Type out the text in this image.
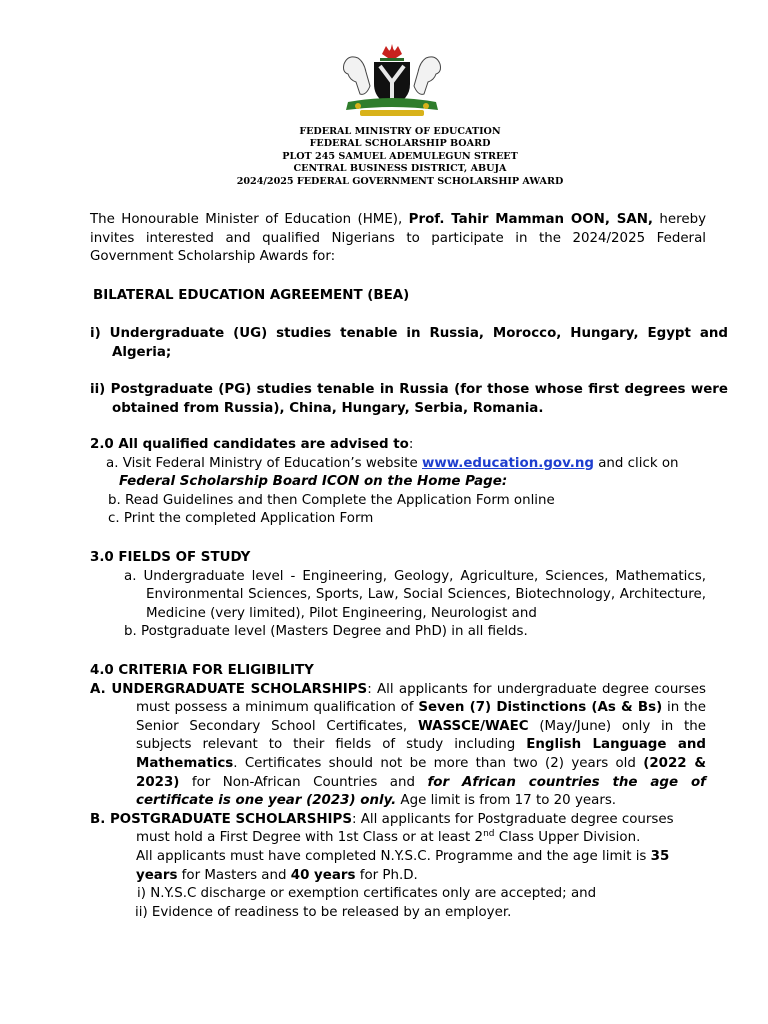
FEDERAL MINISTRY OF EDUCATION
FEDERAL SCHOLARSHIP BOARD
PLOT 245 SAMUEL ADEMULEGUN STREET
CENTRAL BUSINESS DISTRICT, ABUJA
2024/2025 FEDERAL GOVERNMENT SCHOLARSHIP AWARD
The Honourable Minister of Education (HME), Prof. Tahir Mamman OON, SAN, hereby invites interested and qualified Nigerians to participate in the 2024/2025 Federal Government Scholarship Awards for:
BILATERAL EDUCATION AGREEMENT (BEA)
i) Undergraduate (UG) studies tenable in Russia, Morocco, Hungary, Egypt and Algeria;
ii) Postgraduate (PG) studies tenable in Russia (for those whose first degrees were obtained from Russia), China, Hungary, Serbia, Romania.
2.0 All qualified candidates are advised to:
a. Visit Federal Ministry of Education’s website www.education.gov.ng and click on
Federal Scholarship Board ICON on the Home Page:
b. Read Guidelines and then Complete the Application Form online
c. Print the completed Application Form
3.0 FIELDS OF STUDY
a. Undergraduate level - Engineering, Geology, Agriculture, Sciences, Mathematics, Environmental Sciences, Sports, Law, Social Sciences, Biotechnology, Architecture, Medicine (very limited), Pilot Engineering, Neurologist and
b. Postgraduate level (Masters Degree and PhD) in all fields.
4.0 CRITERIA FOR ELIGIBILITY
A. UNDERGRADUATE SCHOLARSHIPS: All applicants for undergraduate degree courses must possess a minimum qualification of Seven (7) Distinctions (As & Bs) in the Senior Secondary School Certificates, WASSCE/WAEC (May/June) only in the subjects relevant to their fields of study including English Language and Mathematics. Certificates should not be more than two (2) years old (2022 & 2023) for Non-African Countries and for African countries the age of certificate is one year (2023) only. Age limit is from 17 to 20 years.
B. POSTGRADUATE SCHOLARSHIPS: All applicants for Postgraduate degree courses must hold a First Degree with 1st Class or at least 2nd Class Upper Division.
All applicants must have completed N.Y.S.C. Programme and the age limit is 35 years for Masters and 40 years for Ph.D.
i) N.Y.S.C discharge or exemption certificates only are accepted; and
ii) Evidence of readiness to be released by an employer.
